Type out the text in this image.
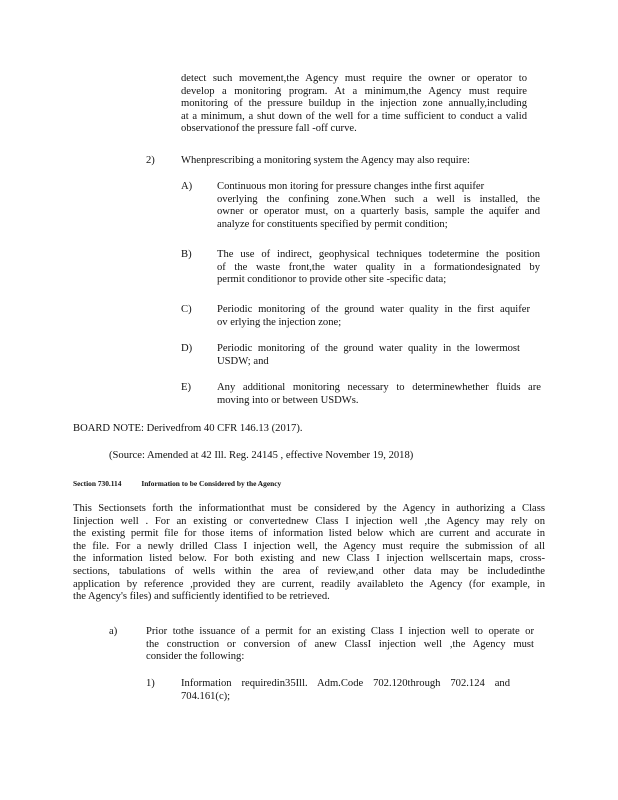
detect such movement,the Agency must require the owner or operator to

develop a monitoring program. At a minimum,the Agency must require

monitoring of the pressure buildup in the injection zone annually,including

at a minimum, a shut down of the well for a time sufficient to conduct a valid

observationof the pressure fall -off curve.

2) Whenprescribing a monitoring system the Agency may also require:

A) Continuous mon itoring for pressure changes inthe first aquifer

overlying the confining zone.When such a well is installed, the

owner or operator must, on a quarterly basis, sample the aquifer and

analyze for constituents specified by permit condition;

B) The use of indirect, geophysical techniques todetermine the position

of the waste front,the water quality in a formationdesignated by

permit conditionor to provide other site -specific data;

C) Periodic monitoring of the ground water quality in the first aquifer

ov erlying the injection zone;

D) Periodic monitoring of the ground water quality in the lowermost

USDW; and

E) Any additional monitoring necessary to determinewhether fluids are

moving into or between USDWs.

BOARD NOTE: Derivedfrom 40 CFR 146.13 (2017).

(Source: Amended at 42 Ill. Reg. 24145 , effective November 19, 2018)

Section 730.114	Information to be Considered by the Agency

This Sectionsets forth the informationthat must be considered by the Agency in authorizing a Class

Iinjection well . For an existing or convertednew Class I injection well ,the Agency may rely on

the existing permit file for those items of information listed below which are current and accurate in

the file. For a newly drilled Class I injection well, the Agency must require the submission of all

the information listed below. For both existing and new Class I injection wellscertain maps, cross-

sections, tabulations of wells within the area of review,and other data may be includedinthe

application by reference ,provided they are current, readily availableto the Agency (for example, in

the Agency's files) and sufficiently identified to be retrieved.

a)	Prior tothe issuance of a permit for an existing Class I injection well to operate or

the construction or conversion of anew ClassI injection well ,the Agency must

consider the following:

1) Information requiredin35Ill. Adm.Code 702.120through 702.124 and

704.161(c);
